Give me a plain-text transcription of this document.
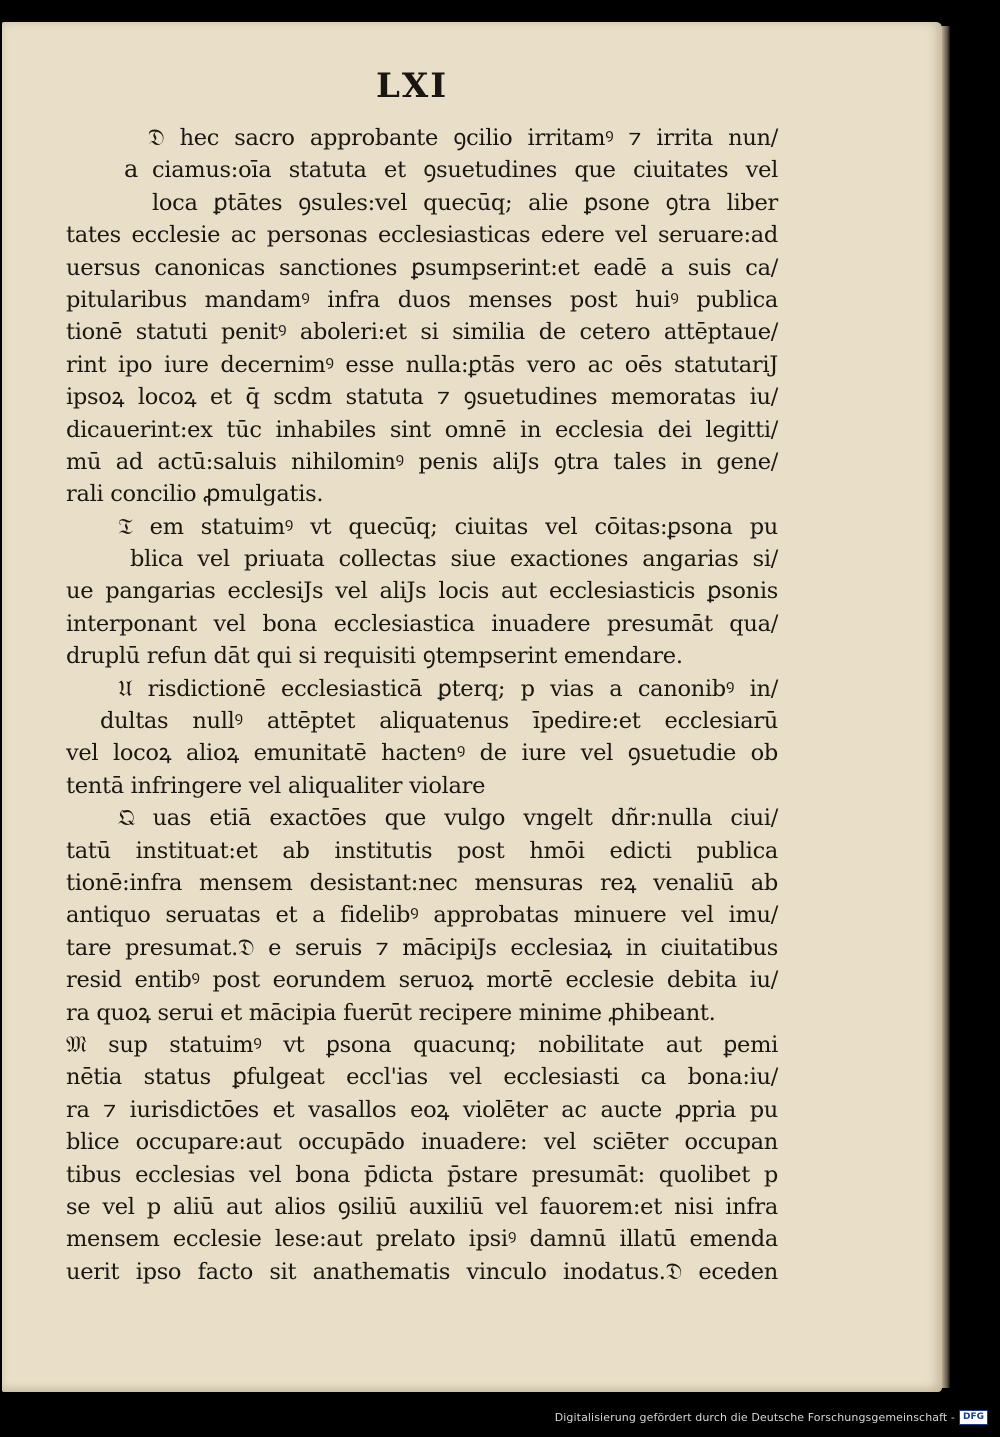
LXI
a
𝔇 hec sacro approbante ꝯcilio irritamꝰ ⁊ irrita nun/
ciamus:oīa statuta et ꝯsuetudines que ciuitates vel
loca ꝑtātes ꝯsules:vel quecūq; alie ꝑsone ꝯtra liber
tates ecclesie ac personas ecclesiasticas edere vel seruare:ad
uersus canonicas sanctiones ꝑsumpserint:et eadē a suis ca/
pitularibus mandamꝰ infra duos menses post huiꝰ publica
tionē statuti penitꝰ aboleri:et si similia de cetero attēptaue/
rint ipo iure decernimꝰ esse nulla:ꝑtās vero ac oēs statutariJ
ipsoꝝ locoꝝ et q̄ scdm statuta ⁊ ꝯsuetudines memoratas iu/
dicauerint:ex tūc inhabiles sint omnē in ecclesia dei legitti/
mū ad actū:saluis nihilominꝰ penis aliJs ꝯtra tales in gene/
rali concilio ꝓmulgatis.
𝔗 em statuimꝰ vt quecūq; ciuitas vel cōitas:ꝑsona pu
blica vel priuata collectas siue exactiones angarias si/
ue pangarias ecclesiJs vel aliJs locis aut ecclesiasticis ꝑsonis
interponant vel bona ecclesiastica inuadere presumāt qua/
druplū refun dāt qui si requisiti ꝯtempserint emendare.
𝔘 risdictionē ecclesiasticā ꝑterq; p vias a canonibꝰ in/
dultas nullꝰ attēptet aliquatenus īpedire:et ecclesiarū
vel locoꝝ alioꝝ emunitatē hactenꝰ de iure vel ꝯsuetudie ob
tentā infringere vel aliqualiter violare
𝔔 uas etiā exactōes que vulgo vngelt dñr:nulla ciui/
tatū instituat:et ab institutis post hmōi edicti publica
tionē:infra mensem desistant:nec mensuras reꝝ venaliū ab
antiquo seruatas et a fidelibꝰ approbatas minuere vel imu/
tare presumat.𝔇 e seruis ⁊ mācipiJs ecclesiaꝝ in ciuitatibus
resid entibꝰ post eorundem seruoꝝ mortē ecclesie debita iu/
ra quoꝝ serui et mācipia fuerūt recipere minime ꝓhibeant.
𝔐 sup statuimꝰ vt ꝑsona quacunq; nobilitate aut ꝑemi
nētia status ꝑfulgeat eccl'ias vel ecclesiasti ca bona:iu/
ra ⁊ iurisdictōes et vasallos eoꝝ violēter ac aucte ꝓpria pu
blice occupare:aut occupādo inuadere: vel sciēter occupan
tibus ecclesias vel bona p̄dicta p̄stare presumāt: quolibet p
se vel p aliū aut alios ꝯsiliū auxiliū vel fauorem:et nisi infra
mensem ecclesie lese:aut prelato ipsiꝰ damnū illatū emenda
uerit ipso facto sit anathematis vinculo inodatus.𝔇 eceden
Digitalisierung gefördert durch die Deutsche Forschungsgemeinschaft - DFG
